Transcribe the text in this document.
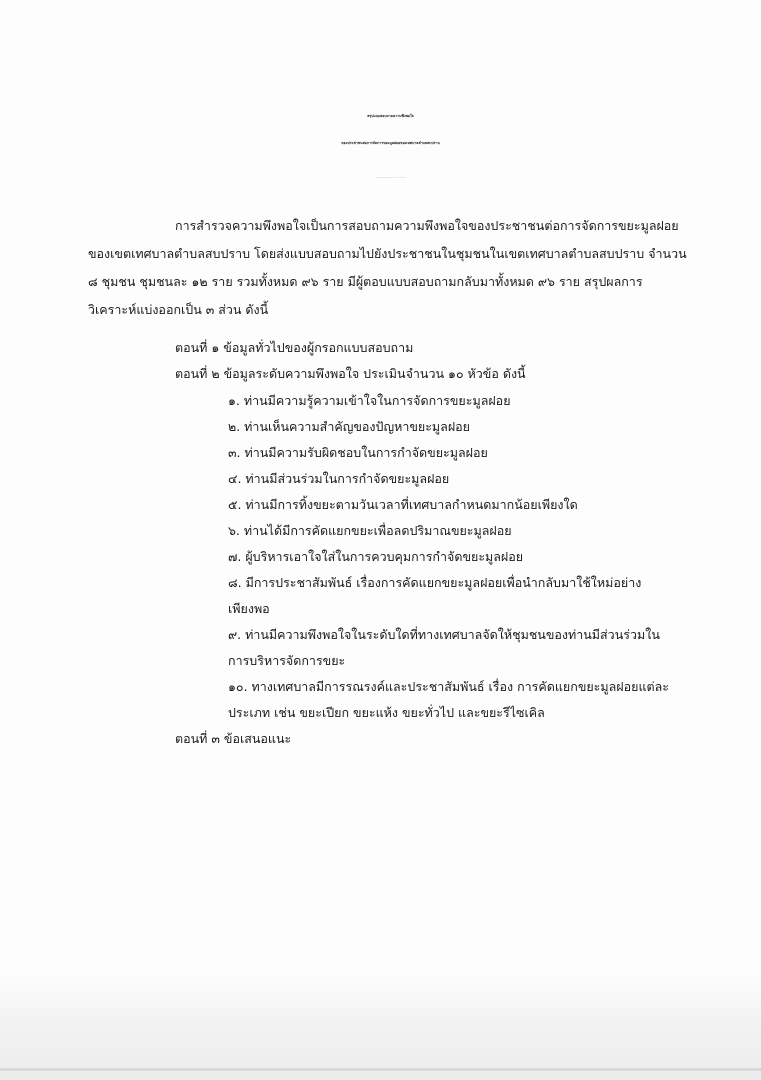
สรุปแบบสอบถามความพึงพอใจ
ของประชาชนต่อการจัดการขยะมูลฝอยของเทศบาลตำบลสบปราบ
******************************
การสำรวจความพึงพอใจเป็นการสอบถามความพึงพอใจของประชาชนต่อการจัดการขยะมูลฝอย
ของเขตเทศบาลตำบลสบปราบ โดยส่งแบบสอบถามไปยังประชาชนในชุมชนในเขตเทศบาลตำบลสบปราบ จำนวน
๘ ชุมชน ชุมชนละ ๑๒ ราย รวมทั้งหมด ๙๖ ราย มีผู้ตอบแบบสอบถามกลับมาทั้งหมด ๙๖ ราย สรุปผลการ
วิเคราะห์แบ่งออกเป็น ๓ ส่วน ดังนี้
ตอนที่ ๑ ข้อมูลทั่วไปของผู้กรอกแบบสอบถาม
ตอนที่ ๒ ข้อมูลระดับความพึงพอใจ ประเมินจำนวน ๑๐ หัวข้อ ดังนี้
๑. ท่านมีความรู้ความเข้าใจในการจัดการขยะมูลฝอย
๒. ท่านเห็นความสำคัญของปัญหาขยะมูลฝอย
๓. ท่านมีความรับผิดชอบในการกำจัดขยะมูลฝอย
๔. ท่านมีส่วนร่วมในการกำจัดขยะมูลฝอย
๕. ท่านมีการทิ้งขยะตามวันเวลาที่เทศบาลกำหนดมากน้อยเพียงใด
๖. ท่านได้มีการคัดแยกขยะเพื่อลดปริมาณขยะมูลฝอย
๗. ผู้บริหารเอาใจใส่ในการควบคุมการกำจัดขยะมูลฝอย
๘. มีการประชาสัมพันธ์ เรื่องการคัดแยกขยะมูลฝอยเพื่อนำกลับมาใช้ใหม่อย่าง
เพียงพอ
๙. ท่านมีความพึงพอใจในระดับใดที่ทางเทศบาลจัดให้ชุมชนของท่านมีส่วนร่วมใน
การบริหารจัดการขยะ
๑๐. ทางเทศบาลมีการรณรงค์และประชาสัมพันธ์ เรื่อง การคัดแยกขยะมูลฝอยแต่ละ
ประเภท เช่น ขยะเปียก ขยะแห้ง ขยะทั่วไป และขยะรีไซเคิล
ตอนที่ ๓ ข้อเสนอแนะ
